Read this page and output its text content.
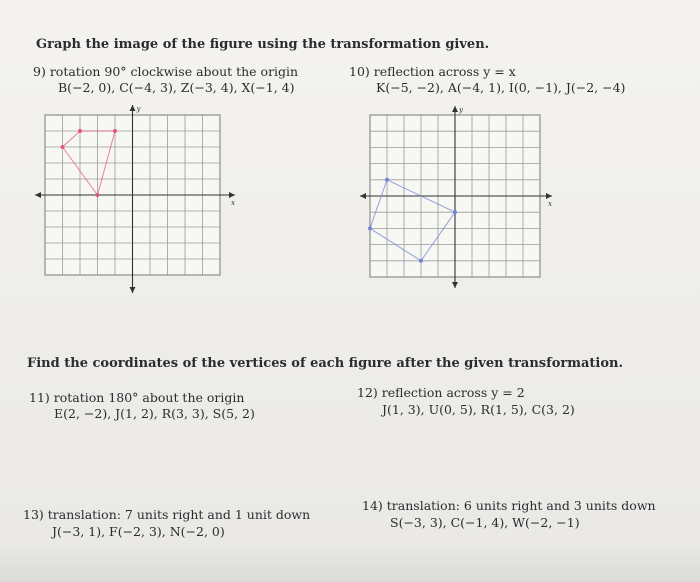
Graph the image of the figure using the transformation given.
9) rotation 90° clockwise about the origin
B(−2, 0), C(−4, 3), Z(−3, 4), X(−1, 4)
10) reflection across y = x
K(−5, −2), A(−4, 1), I(0, −1), J(−2, −4)
x
y
x
y
Find the coordinates of the vertices of each figure after the given transformation.
11) rotation 180° about the origin
E(2, −2), J(1, 2), R(3, 3), S(5, 2)
12) reflection across y = 2
J(1, 3), U(0, 5), R(1, 5), C(3, 2)
13) translation: 7 units right and 1 unit down
J(−3, 1), F(−2, 3), N(−2, 0)
14) translation: 6 units right and 3 units down
S(−3, 3), C(−1, 4), W(−2, −1)
